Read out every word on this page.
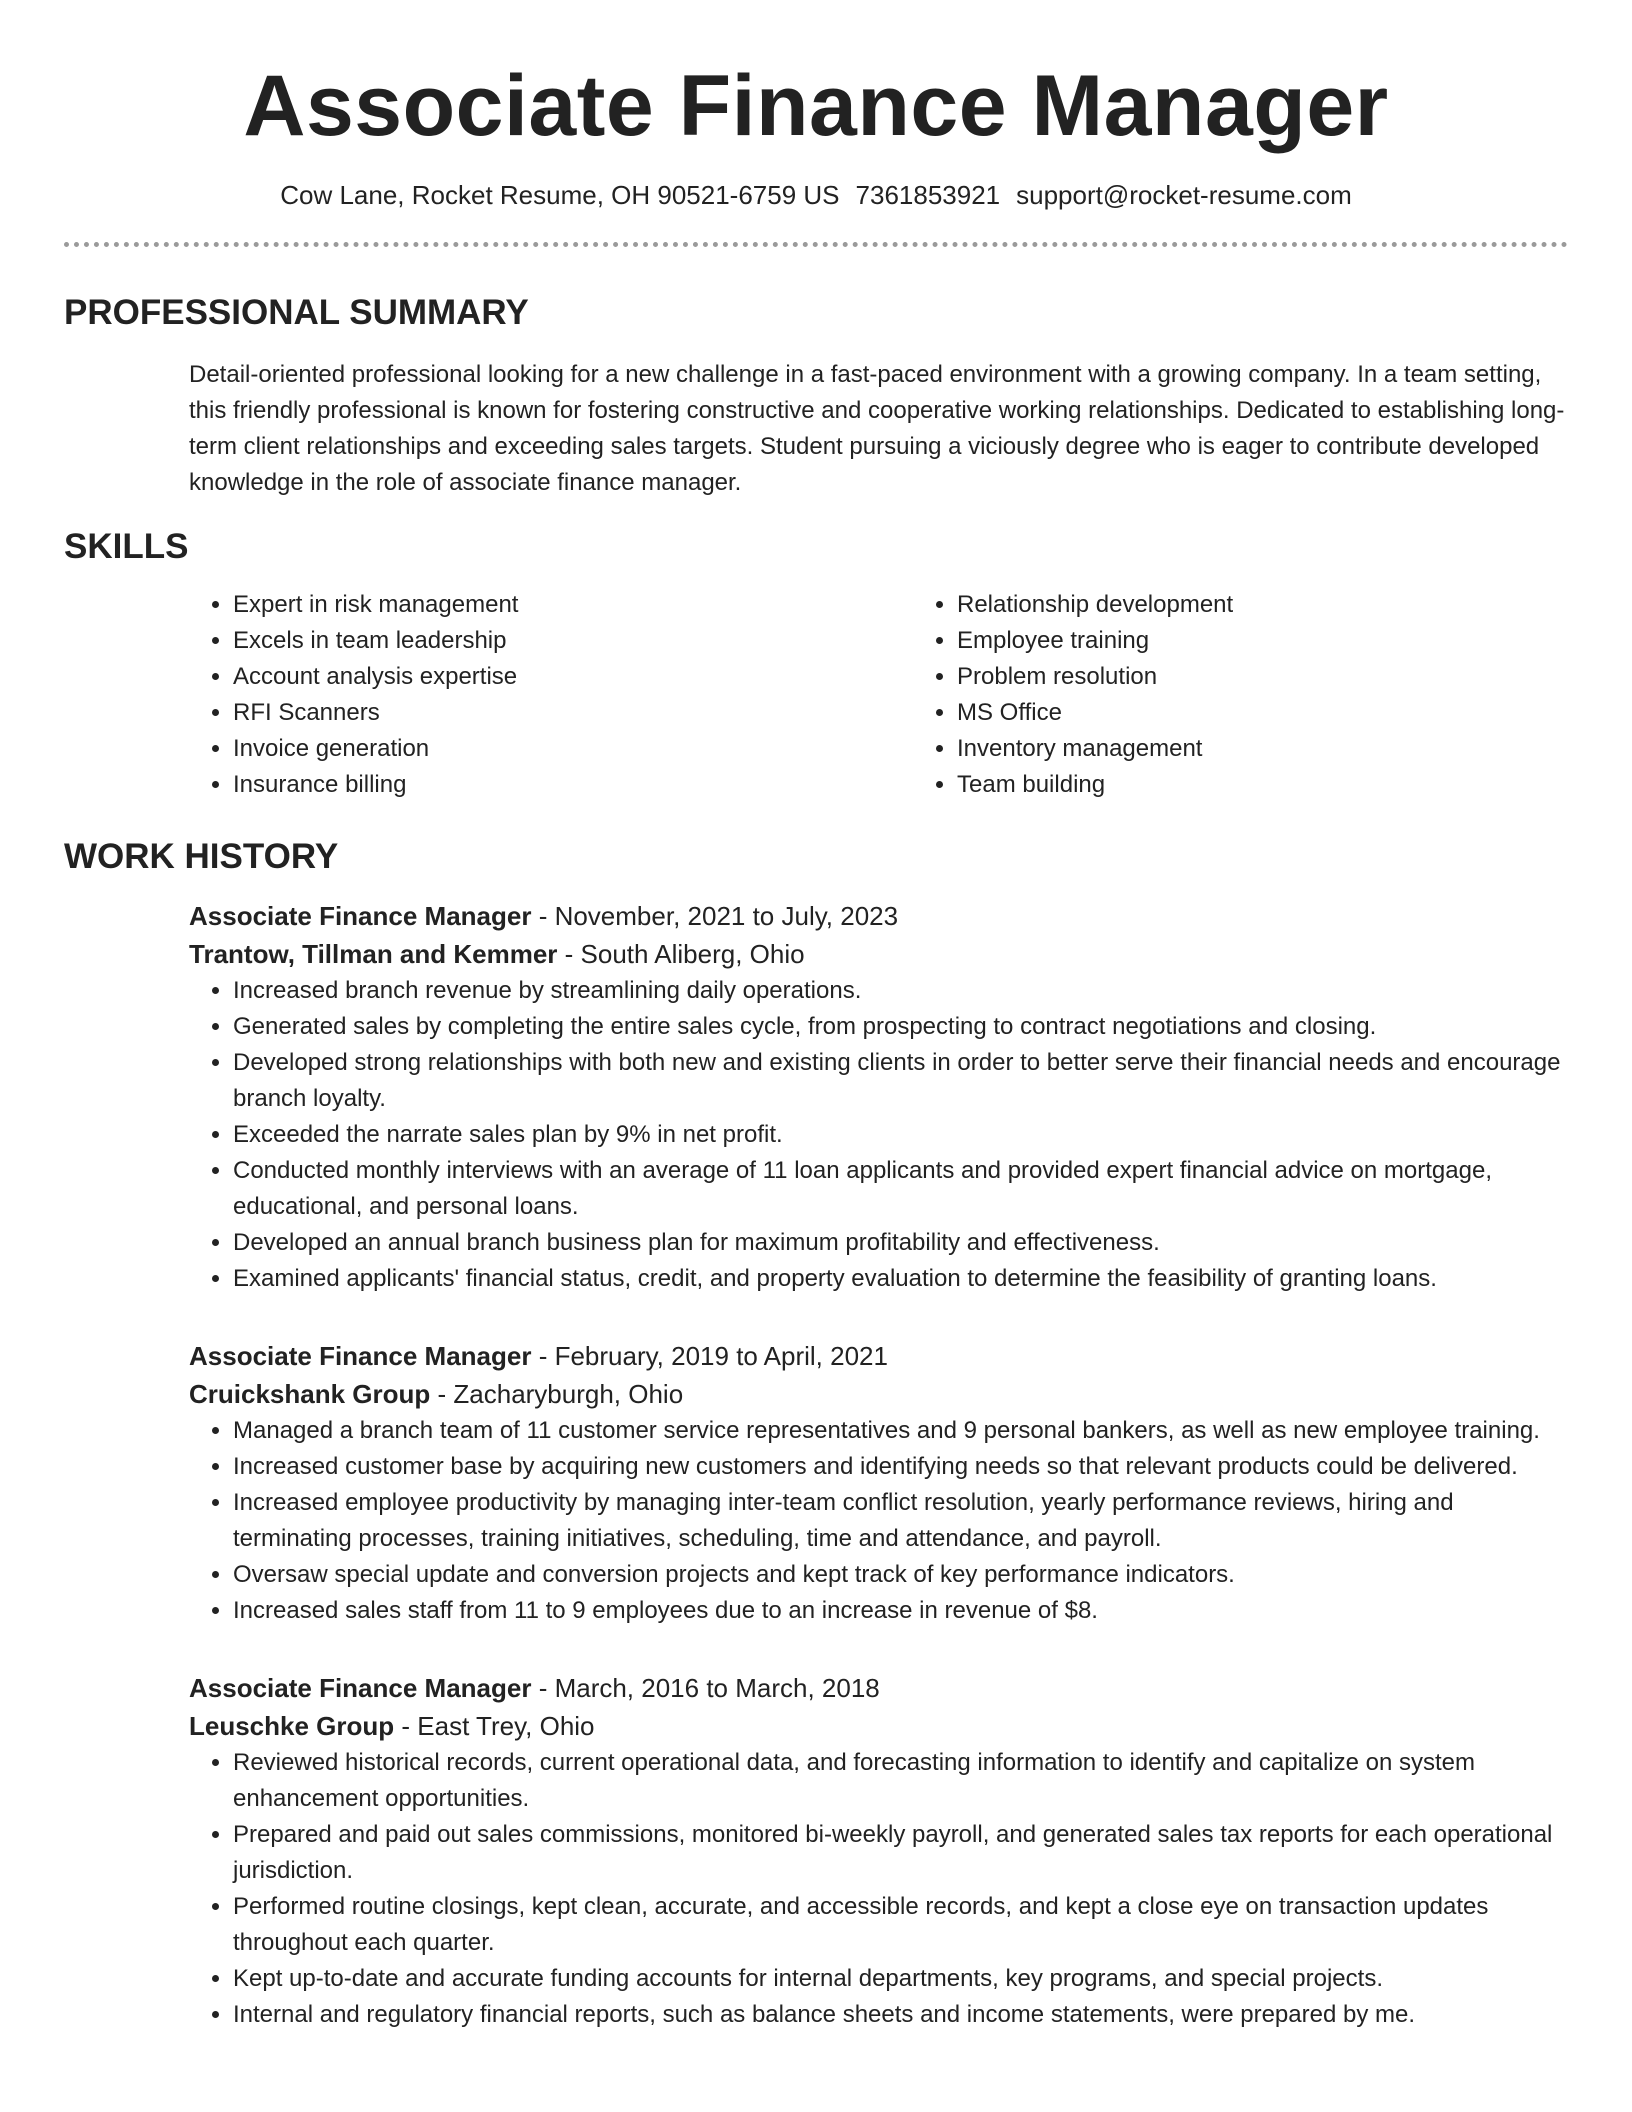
Associate Finance Manager
Cow Lane, Rocket Resume, OH 90521-6759 US 7361853921 support@rocket-resume.com
PROFESSIONAL SUMMARY
Detail-oriented professional looking for a new challenge in a fast-paced environment with a growing company. In a team setting, this friendly professional is known for fostering constructive and cooperative working relationships. Dedicated to establishing long-term client relationships and exceeding sales targets. Student pursuing a viciously degree who is eager to contribute developed knowledge in the role of associate finance manager.
SKILLS
• Expert in risk management
• Excels in team leadership
• Account analysis expertise
• RFI Scanners
• Invoice generation
• Insurance billing
• Relationship development
• Employee training
• Problem resolution
• MS Office
• Inventory management
• Team building
WORK HISTORY
Associate Finance Manager - November, 2021 to July, 2023
Trantow, Tillman and Kemmer - South Aliberg, Ohio
• Increased branch revenue by streamlining daily operations.
• Generated sales by completing the entire sales cycle, from prospecting to contract negotiations and closing.
• Developed strong relationships with both new and existing clients in order to better serve their financial needs and encourage branch loyalty.
• Exceeded the narrate sales plan by 9% in net profit.
• Conducted monthly interviews with an average of 11 loan applicants and provided expert financial advice on mortgage, educational, and personal loans.
• Developed an annual branch business plan for maximum profitability and effectiveness.
• Examined applicants' financial status, credit, and property evaluation to determine the feasibility of granting loans.
Associate Finance Manager - February, 2019 to April, 2021
Cruickshank Group - Zacharyburgh, Ohio
• Managed a branch team of 11 customer service representatives and 9 personal bankers, as well as new employee training.
• Increased customer base by acquiring new customers and identifying needs so that relevant products could be delivered.
• Increased employee productivity by managing inter-team conflict resolution, yearly performance reviews, hiring and terminating processes, training initiatives, scheduling, time and attendance, and payroll.
• Oversaw special update and conversion projects and kept track of key performance indicators.
• Increased sales staff from 11 to 9 employees due to an increase in revenue of $8.
Associate Finance Manager - March, 2016 to March, 2018
Leuschke Group - East Trey, Ohio
• Reviewed historical records, current operational data, and forecasting information to identify and capitalize on system enhancement opportunities.
• Prepared and paid out sales commissions, monitored bi-weekly payroll, and generated sales tax reports for each operational jurisdiction.
• Performed routine closings, kept clean, accurate, and accessible records, and kept a close eye on transaction updates throughout each quarter.
• Kept up-to-date and accurate funding accounts for internal departments, key programs, and special projects.
• Internal and regulatory financial reports, such as balance sheets and income statements, were prepared by me.
